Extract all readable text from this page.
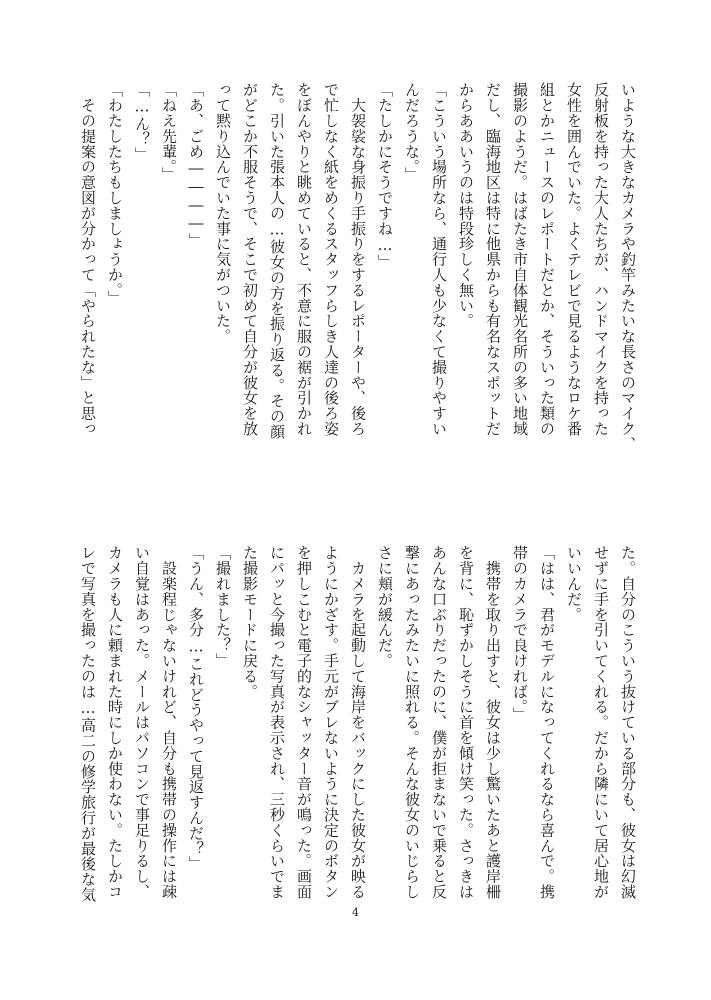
いような大きなカメラや釣竿みたいな長さのマイク、
反射板を持った大人たちが、ハンドマイクを持った
女性を囲んでいた。よくテレビで見るようなロケ番
組とかニュースのレポートだとか、そういった類の
撮影のようだ。はばたき市自体観光名所の多い地域
だし、臨海地区は特に他県からも有名なスポットだ
からああいうのは特段珍しく無い。
「こういう場所なら、通行人も少なくて撮りやすい
んだろうな。」
「たしかにそうですね…」
　大袈裟な身振り手振りをするレポーターや、後ろ
で忙しなく紙をめくるスタッフらしき人達の後ろ姿
をぼんやりと眺めていると、不意に服の裾が引かれ
た。引いた張本人の…彼女の方を振り返る。その顔
がどこか不服そうで、そこで初めて自分が彼女を放
って黙り込んでいた事に気がついた。
「あ、ごめ――――」
「ねえ先輩。」
「…ん？」
「わたしたちもしましょうか。」
　その提案の意図が分かって「やられたな」と思っ
た。自分のこういう抜けている部分も、彼女は幻滅
せずに手を引いてくれる。だから隣にいて居心地が
いいんだ。
「はは、君がモデルになってくれるなら喜んで。携
帯のカメラで良ければ。」
　携帯を取り出すと、彼女は少し驚いたあと護岸柵
を背に、恥ずかしそうに首を傾け笑った。さっきは
あんな口ぶりだったのに、僕が拒まないで乗ると反
撃にあったみたいに照れる。そんな彼女のいじらし
さに頬が緩んだ。
　カメラを起動して海岸をバックにした彼女が映る
ようにかざす。手元がブレないように決定のボタン
を押しこむと電子的なシャッター音が鳴った。画面
にパッと今撮った写真が表示され、三秒くらいでま
た撮影モードに戻る。
「撮れました？」
「うん、多分…これどうやって見返すんだ？」
　設楽程じゃないけれど、自分も携帯の操作には疎
い自覚はあった。メールはパソコンで事足りるし、
カメラも人に頼まれた時にしか使わない。たしかコ
レで写真を撮ったのは…高二の修学旅行が最後な気
4
